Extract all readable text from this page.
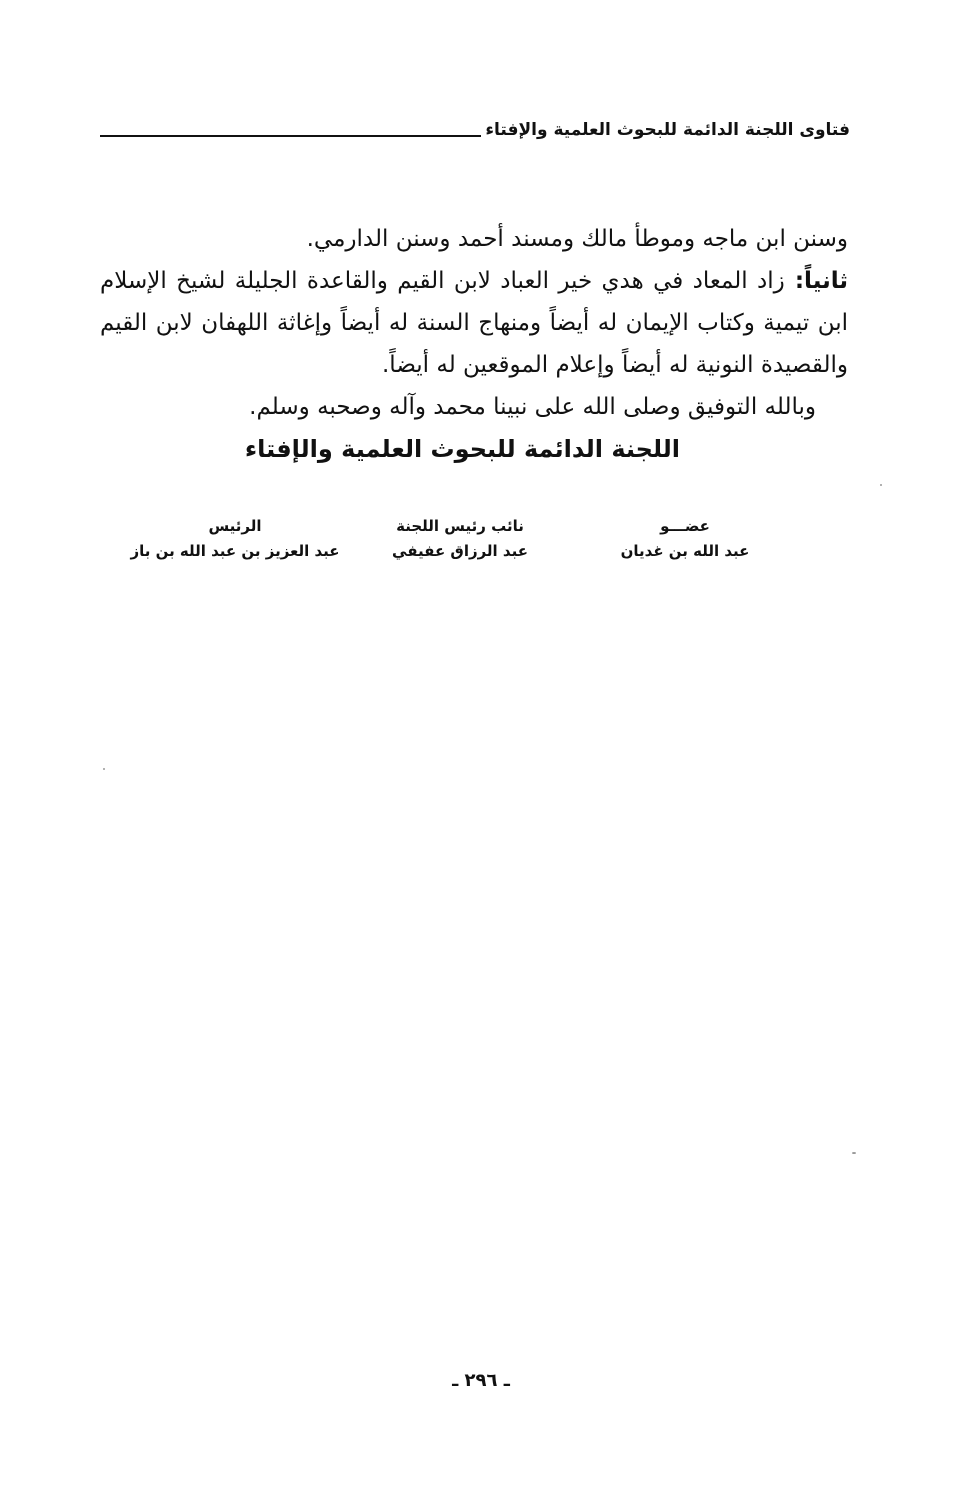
فتاوى اللجنة الدائمة للبحوث العلمية والإفتاء

وسنن ابن ماجه وموطأ مالك ومسند أحمد وسنن الدارمي.

ثانياً: زاد المعاد في هدي خير العباد لابن القيم والقاعدة الجليلة لشيخ الإسلام ابن تيمية وكتاب الإيمان له أيضاً ومنهاج السنة له أيضاً وإغاثة اللهفان لابن القيم والقصيدة النونية له أيضاً وإعلام الموقعين له أيضاً.

وبالله التوفيق وصلى الله على نبينا محمد وآله وصحبه وسلم.

اللجنة الدائمة للبحوث العلمية والإفتاء

عضـــو
عبد الله بن غديان
نائب رئيس اللجنة
عبد الرزاق عفيفي
الرئيس
عبد العزيز بن عبد الله بن باز
ـ ٢٩٦ ـ
